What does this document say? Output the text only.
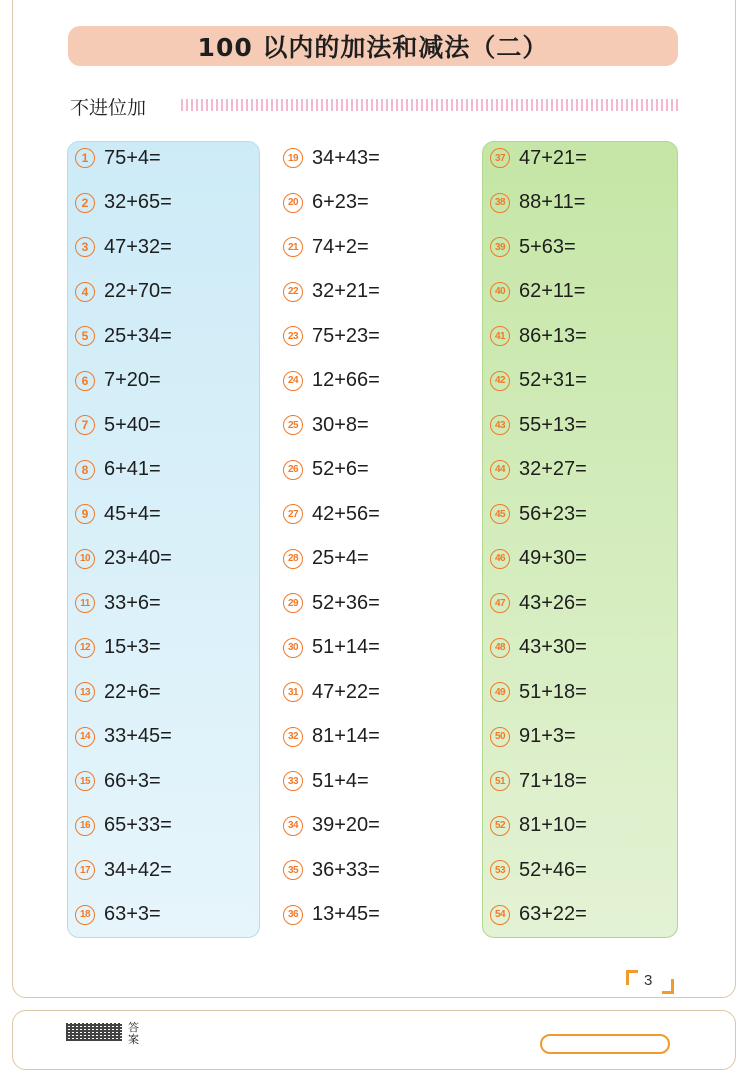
100 以内的加法和减法（二）
不进位加
1 75+4=
2 32+65=
3 47+32=
4 22+70=
5 25+34=
6 7+20=
7 5+40=
8 6+41=
9 45+4=
10 23+40=
11 33+6=
12 15+3=
13 22+6=
14 33+45=
15 66+3=
16 65+33=
17 34+42=
18 63+3=
19 34+43=
20 6+23=
21 74+2=
22 32+21=
23 75+23=
24 12+66=
25 30+8=
26 52+6=
27 42+56=
28 25+4=
29 52+36=
30 51+14=
31 47+22=
32 81+14=
33 51+4=
34 39+20=
35 36+33=
36 13+45=
37 47+21=
38 88+11=
39 5+63=
40 62+11=
41 86+13=
42 52+31=
43 55+13=
44 32+27=
45 56+23=
46 49+30=
47 43+26=
48 43+30=
49 51+18=
50 91+3=
51 71+18=
52 81+10=
53 52+46=
54 63+22=
3
答案
